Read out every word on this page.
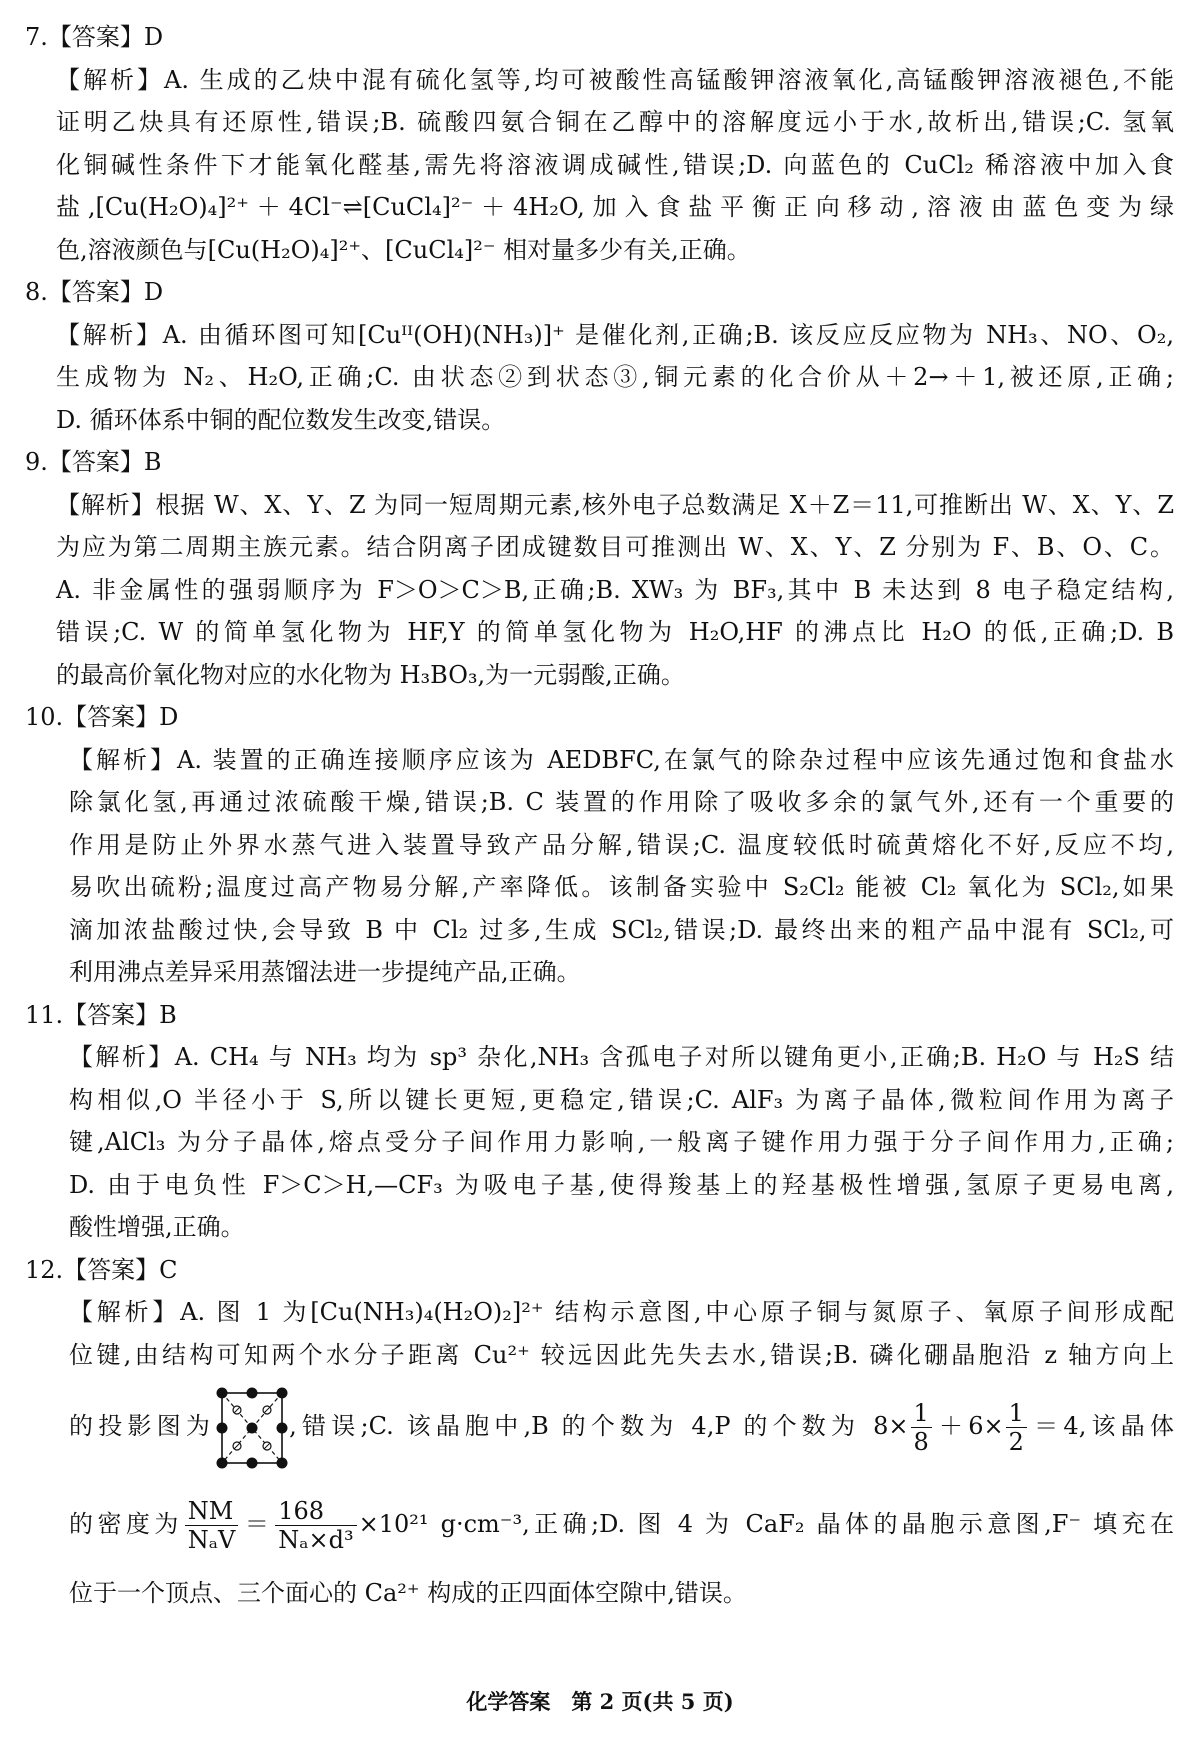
7.【答案】D
【解析】A. 生成的乙炔中混有硫化氢等,均可被酸性高锰酸钾溶液氧化,高锰酸钾溶液褪色,不能
证明乙炔具有还原性,错误;B. 硫酸四氨合铜在乙醇中的溶解度远小于水,故析出,错误;C. 氢氧
化铜碱性条件下才能氧化醛基,需先将溶液调成碱性,错误;D. 向蓝色的 CuCl₂ 稀溶液中加入食
盐,[Cu(H₂O)₄]²⁺＋4Cl⁻⇌[CuCl₄]²⁻＋4H₂O,加入食盐平衡正向移动,溶液由蓝色变为绿
色,溶液颜色与[Cu(H₂O)₄]²⁺、[CuCl₄]²⁻ 相对量多少有关,正确。
8.【答案】D
【解析】A. 由循环图可知[Cuᴵᴵ(OH)(NH₃)]⁺ 是催化剂,正确;B. 该反应反应物为 NH₃、NO、O₂,
生成物为 N₂、H₂O,正确;C. 由状态②到状态③,铜元素的化合价从＋2→＋1,被还原,正确;
D. 循环体系中铜的配位数发生改变,错误。
9.【答案】B
【解析】根据 W、X、Y、Z 为同一短周期元素,核外电子总数满足 X＋Z＝11,可推断出 W、X、Y、Z
为应为第二周期主族元素。结合阴离子团成键数目可推测出 W、X、Y、Z 分别为 F、B、O、C。
A. 非金属性的强弱顺序为 F＞O＞C＞B,正确;B. XW₃ 为 BF₃,其中 B 未达到 8 电子稳定结构,
错误;C. W 的简单氢化物为 HF,Y 的简单氢化物为 H₂O,HF 的沸点比 H₂O 的低,正确;D. B
的最高价氧化物对应的水化物为 H₃BO₃,为一元弱酸,正确。
10.【答案】D
【解析】A. 装置的正确连接顺序应该为 AEDBFC,在氯气的除杂过程中应该先通过饱和食盐水
除氯化氢,再通过浓硫酸干燥,错误;B. C 装置的作用除了吸收多余的氯气外,还有一个重要的
作用是防止外界水蒸气进入装置导致产品分解,错误;C. 温度较低时硫黄熔化不好,反应不均,
易吹出硫粉;温度过高产物易分解,产率降低。该制备实验中 S₂Cl₂ 能被 Cl₂ 氧化为 SCl₂,如果
滴加浓盐酸过快,会导致 B 中 Cl₂ 过多,生成 SCl₂,错误;D. 最终出来的粗产品中混有 SCl₂,可
利用沸点差异采用蒸馏法进一步提纯产品,正确。
11.【答案】B
【解析】A. CH₄ 与 NH₃ 均为 sp³ 杂化,NH₃ 含孤电子对所以键角更小,正确;B. H₂O 与 H₂S 结
构相似,O 半径小于 S,所以键长更短,更稳定,错误;C. AlF₃ 为离子晶体,微粒间作用为离子
键,AlCl₃ 为分子晶体,熔点受分子间作用力影响,一般离子键作用力强于分子间作用力,正确;
D. 由于电负性 F＞C＞H,—CF₃ 为吸电子基,使得羧基上的羟基极性增强,氢原子更易电离,
酸性增强,正确。
12.【答案】C
【解析】A. 图 1 为[Cu(NH₃)₄(H₂O)₂]²⁺ 结构示意图,中心原子铜与氮原子、氧原子间形成配
位键,由结构可知两个水分子距离 Cu²⁺ 较远因此先失去水,错误;B. 磷化硼晶胞沿 z 轴方向上
的投影图为	,错误;C. 该晶胞中,B 的个数为 4,P 的个数为 $8\times \frac{1}{8} +6\times \frac{1}{2} =4$,该晶体
的密度为 $\frac{NM}{\text{NₐV}} = \frac{168}{\text{Nₐ×d³}} \times 10^{21}$ g·cm⁻³,正确;D. 图 4 为 CaF₂ 晶体的晶胞示意图,F⁻ 填充在
位于一个顶点、三个面心的 Ca²⁺ 构成的正四面体空隙中,错误。
化学答案　第 2 页(共 5 页)
